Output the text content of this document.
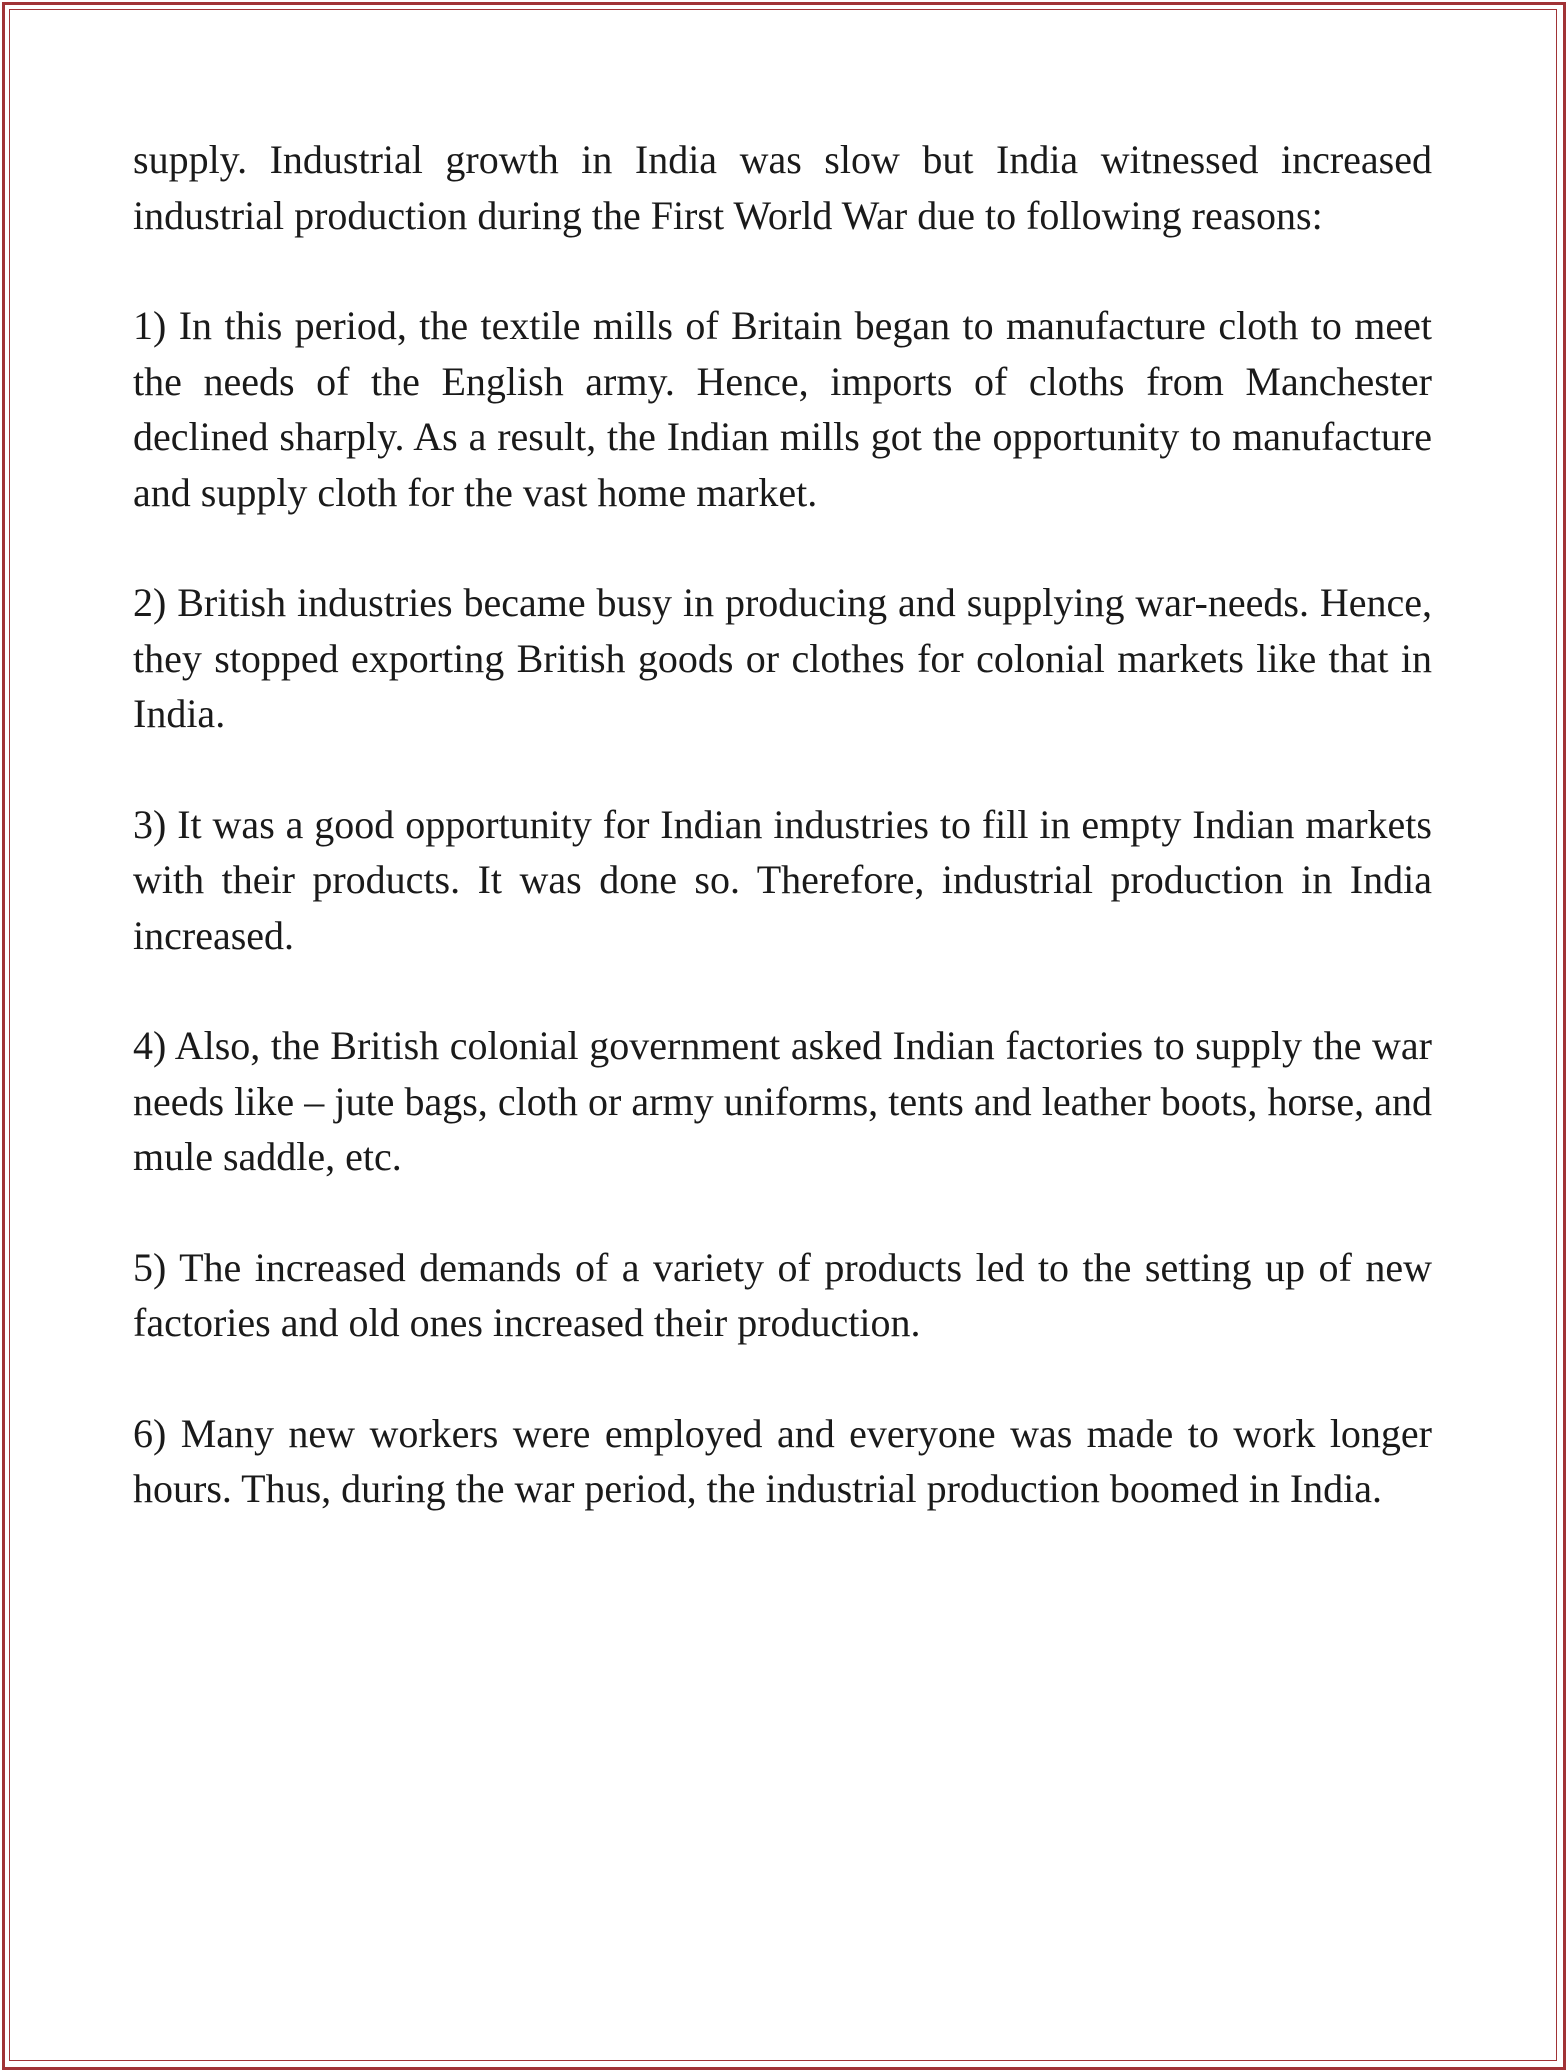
supply. Industrial growth in India was slow but India witnessed increased industrial production during the First World War due to following reasons:

1) In this period, the textile mills of Britain began to manufacture cloth to meet the needs of the English army. Hence, imports of cloths from Manchester declined sharply. As a result, the Indian mills got the opportunity to manufacture and supply cloth for the vast home market.

2) British industries became busy in producing and supplying war-needs. Hence, they stopped exporting British goods or clothes for colonial markets like that in India.

3) It was a good opportunity for Indian industries to fill in empty Indian markets with their products. It was done so. Therefore, industrial production in India increased.

4) Also, the British colonial government asked Indian factories to supply the war needs like – jute bags, cloth or army uniforms, tents and leather boots, horse, and mule saddle, etc.

5) The increased demands of a variety of products led to the setting up of new factories and old ones increased their production.

6) Many new workers were employed and everyone was made to work longer hours. Thus, during the war period, the industrial production boomed in India.
